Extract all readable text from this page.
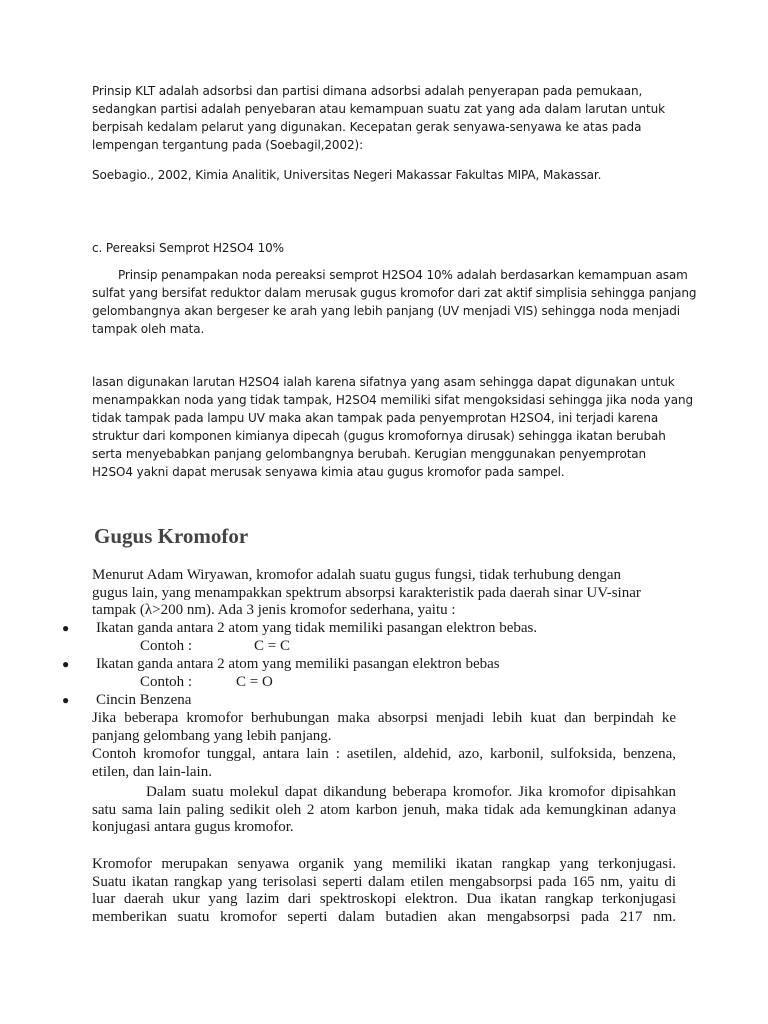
Prinsip KLT adalah adsorbsi dan partisi dimana adsorbsi adalah penyerapan pada pemukaan,
sedangkan partisi adalah penyebaran atau kemampuan suatu zat yang ada dalam larutan untuk
berpisah kedalam pelarut yang digunakan. Kecepatan gerak senyawa-senyawa ke atas pada
lempengan tergantung pada (Soebagil,2002):
Soebagio., 2002, Kimia Analitik, Universitas Negeri Makassar Fakultas MIPA, Makassar.
c. Pereaksi Semprot H2SO4 10%
Prinsip penampakan noda pereaksi semprot H2SO4 10% adalah berdasarkan kemampuan asam
sulfat yang bersifat reduktor dalam merusak gugus kromofor dari zat aktif simplisia sehingga panjang
gelombangnya akan bergeser ke arah yang lebih panjang (UV menjadi VIS) sehingga noda menjadi
tampak oleh mata.
lasan digunakan larutan H2SO4 ialah karena sifatnya yang asam sehingga dapat digunakan untuk
menampakkan noda yang tidak tampak, H2SO4 memiliki sifat mengoksidasi sehingga jika noda yang
tidak tampak pada lampu UV maka akan tampak pada penyemprotan H2SO4, ini terjadi karena
struktur dari komponen kimianya dipecah (gugus kromofornya dirusak) sehingga ikatan berubah
serta menyebabkan panjang gelombangnya berubah. Kerugian menggunakan penyemprotan
H2SO4 yakni dapat merusak senyawa kimia atau gugus kromofor pada sampel.
Gugus Kromofor
Menurut Adam Wiryawan, kromofor adalah suatu gugus fungsi, tidak terhubung dengan
gugus lain, yang menampakkan spektrum absorpsi karakteristik pada daerah sinar UV-sinar
tampak (λ>200 nm). Ada 3 jenis kromofor sederhana, yaitu :
● Ikatan ganda antara 2 atom yang tidak memiliki pasangan elektron bebas.
Contoh :	C = C
● Ikatan ganda antara 2 atom yang memiliki pasangan elektron bebas
Contoh :	C = O
● Cincin Benzena
Jika beberapa kromofor berhubungan maka absorpsi menjadi lebih kuat dan berpindah ke
panjang gelombang yang lebih panjang.
Contoh kromofor tunggal, antara lain : asetilen, aldehid, azo, karbonil, sulfoksida, benzena,
etilen, dan lain-lain.
Dalam suatu molekul dapat dikandung beberapa kromofor. Jika kromofor dipisahkan
satu sama lain paling sedikit oleh 2 atom karbon jenuh, maka tidak ada kemungkinan adanya
konjugasi antara gugus kromofor.
Kromofor merupakan senyawa organik yang memiliki ikatan rangkap yang terkonjugasi.
Suatu ikatan rangkap yang terisolasi seperti dalam etilen mengabsorpsi pada 165 nm, yaitu di
luar daerah ukur yang lazim dari spektroskopi elektron. Dua ikatan rangkap terkonjugasi
memberikan suatu kromofor seperti dalam butadien akan mengabsorpsi pada 217 nm.
